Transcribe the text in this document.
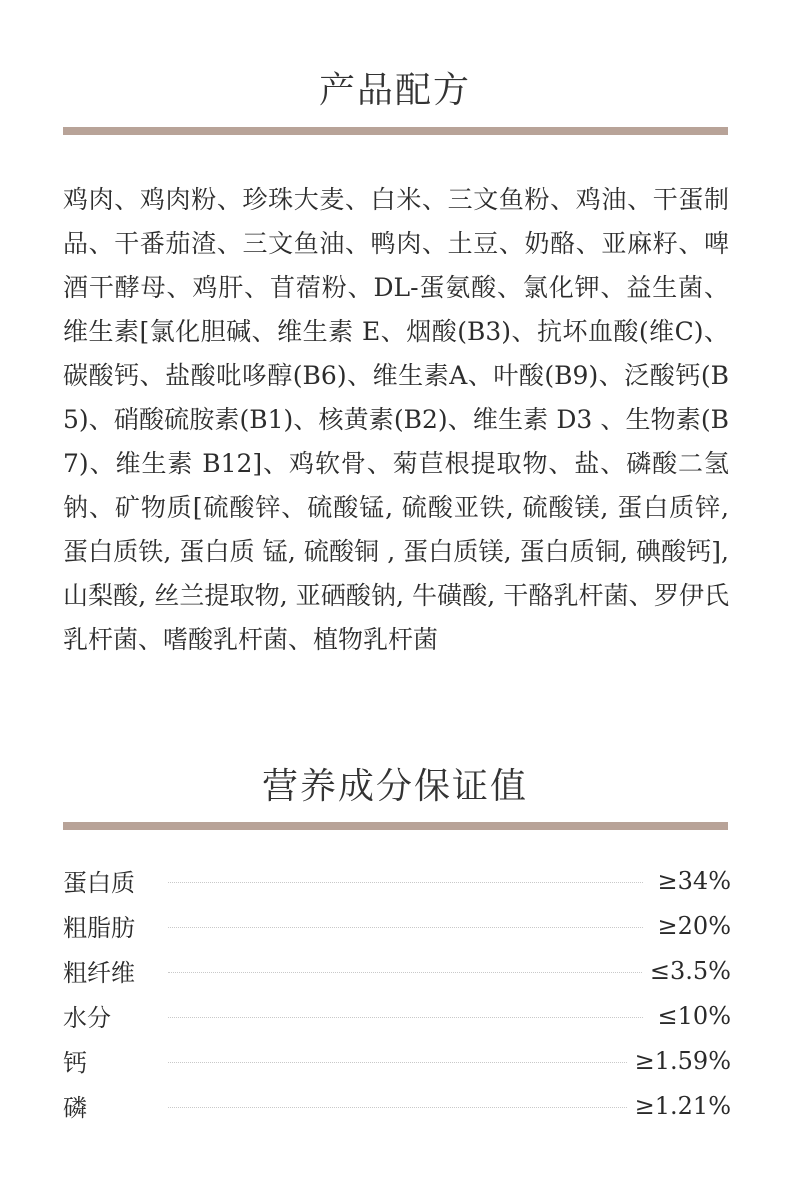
产品配方

鸡肉、鸡肉粉、珍珠大麦、白米、三文鱼粉、鸡油、干蛋制品、干番茄渣、三文鱼油、鸭肉、土豆、奶酪、亚麻籽、啤酒干酵母、鸡肝、苜蓿粉、DL-蛋氨酸、氯化钾、益生菌、维生素[氯化胆碱、维生素 E、烟酸(B3)、抗坏血酸(维C)、碳酸钙、盐酸吡哆醇(B6)、维生素A、叶酸(B9)、泛酸钙(B5)、硝酸硫胺素(B1)、核黄素(B2)、维生素 D3 、生物素(B7)、维生素 B12]、鸡软骨、菊苣根提取物、盐、磷酸二氢钠、矿物质[硫酸锌、硫酸锰, 硫酸亚铁, 硫酸镁, 蛋白质锌, 蛋白质铁, 蛋白质 锰, 硫酸铜 , 蛋白质镁, 蛋白质铜, 碘酸钙], 山梨酸, 丝兰提取物, 亚硒酸钠, 牛磺酸, 干酪乳杆菌、罗伊氏乳杆菌、嗜酸乳杆菌、植物乳杆菌

营养成分保证值
蛋白质	≥34%
粗脂肪	≥20%
粗纤维	≤3.5%
水分	≤10%
钙	≥1.59%
磷	≥1.21%
